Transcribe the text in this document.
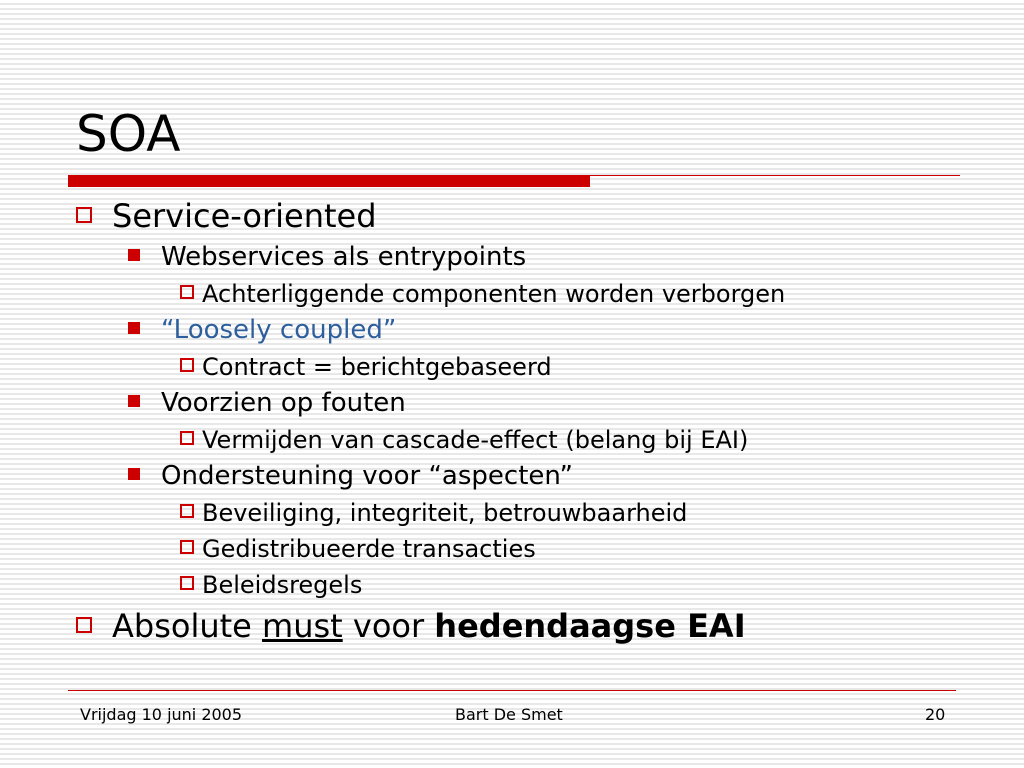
SOA
Service-oriented
Webservices als entrypoints
Achterliggende componenten worden verborgen
“Loosely coupled”
Contract = berichtgebaseerd
Voorzien op fouten
Vermijden van cascade-effect (belang bij EAI)
Ondersteuning voor “aspecten”
Beveiliging, integriteit, betrouwbaarheid
Gedistribueerde transacties
Beleidsregels
Absolute must voor hedendaagse EAI
Vrijdag 10 juni 2005	Bart De Smet	20
